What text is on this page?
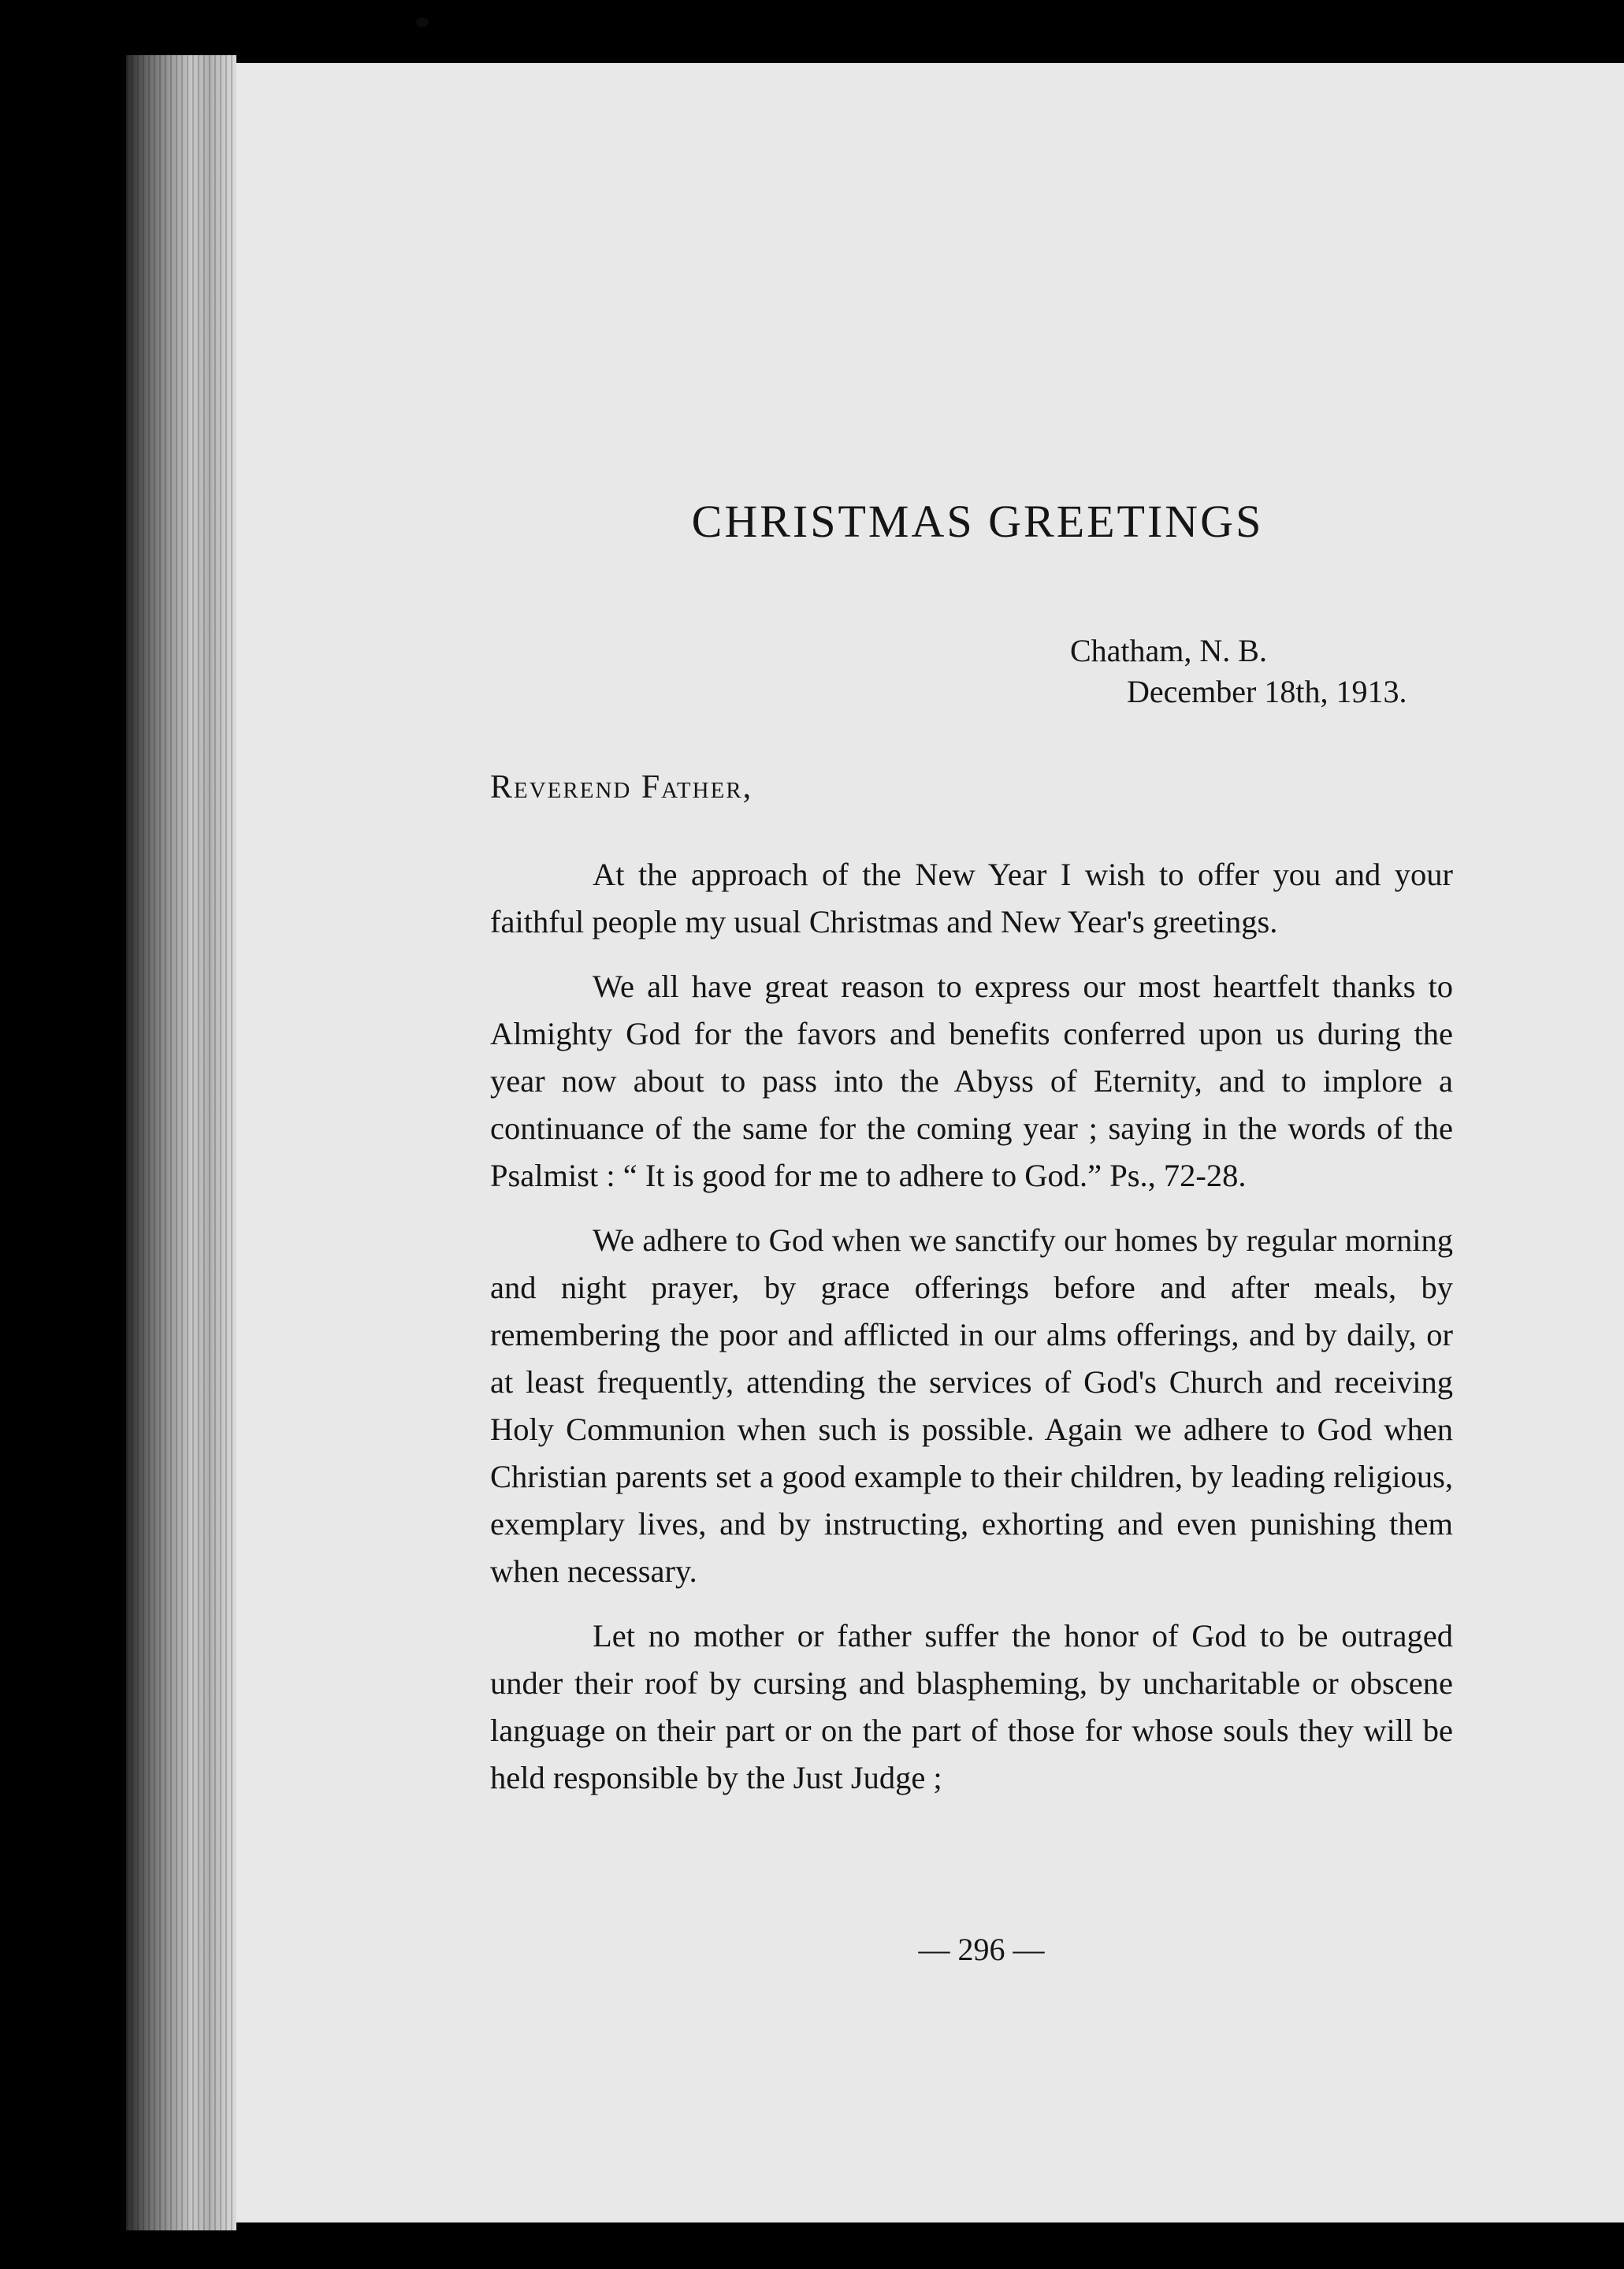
CHRISTMAS GREETINGS
Chatham, N. B.
December 18th, 1913.
Reverend Father,

At the approach of the New Year I wish to offer you and your faithful people my usual Christmas and New Year's greetings.

We all have great reason to express our most heartfelt thanks to Almighty God for the favors and benefits conferred upon us during the year now about to pass into the Abyss of Eternity, and to implore a continuance of the same for the coming year ; saying in the words of the Psalmist : “ It is good for me to adhere to God.” Ps., 72-28.

We adhere to God when we sanctify our homes by regular morning and night prayer, by grace offerings before and after meals, by remembering the poor and afflicted in our alms offerings, and by daily, or at least frequently, attending the services of God's Church and receiving Holy Communion when such is possible. Again we adhere to God when Christian parents set a good example to their children, by leading religious, exemplary lives, and by instructing, exhorting and even punishing them when necessary.

Let no mother or father suffer the honor of God to be outraged under their roof by cursing and blaspheming, by uncharitable or obscene language on their part or on the part of those for whose souls they will be held responsible by the Just Judge ;

— 296 —
